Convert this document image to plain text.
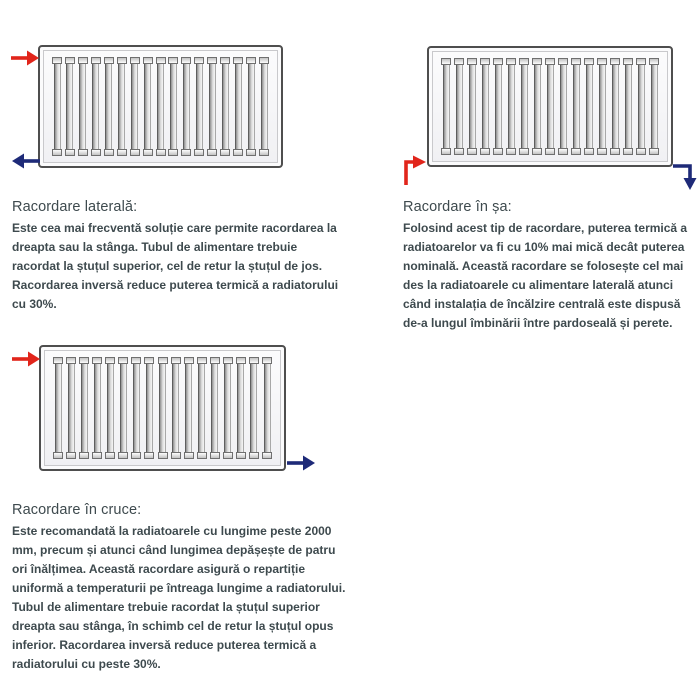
Racordare laterală:
Este cea mai frecventă soluție care permite racordarea la dreapta sau la stânga. Tubul de alimentare trebuie racordat la ștuțul superior, cel de retur la ștuțul de jos. Racordarea inversă reduce puterea termică a radiatorului cu 30%.
Racordare în șa:
Folosind acest tip de racordare, puterea termică a radiatoarelor va fi cu 10% mai mică decât puterea nominală. Această racordare se folosește cel mai des la radiatoarele cu alimentare laterală atunci când instalația de încălzire centrală este dispusă de-a lungul îmbinării între pardoseală și perete.
Racordare în cruce:
Este recomandată la radiatoarele cu lungime peste 2000 mm, precum și atunci când lungimea depășește de patru ori înălțimea. Această racordare asigură o repartiție uniformă a temperaturii pe întreaga lungime a radiatorului. Tubul de alimentare trebuie racordat la ștuțul superior dreapta sau stânga, în schimb cel de retur la ștuțul opus inferior. Racordarea inversă reduce puterea termică a radiatorului cu peste 30%.
